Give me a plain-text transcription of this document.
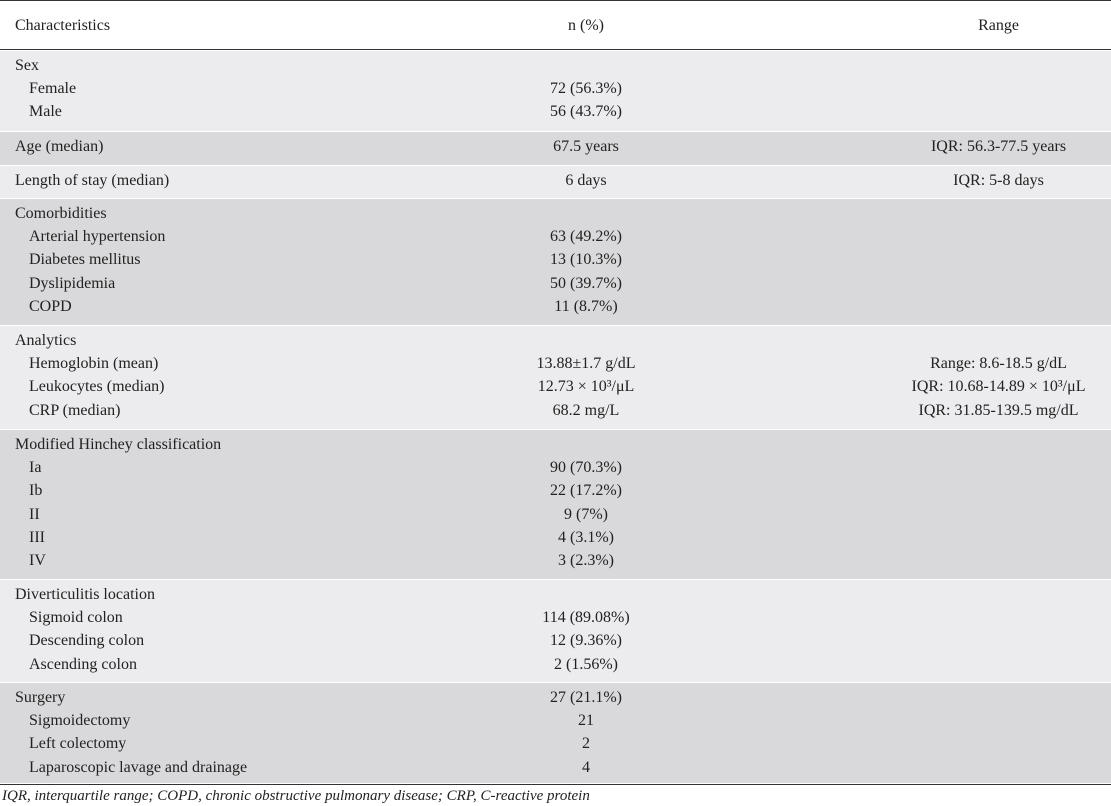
Characteristics	n (%)	Range
Sex
Female	72 (56.3%)
Male	56 (43.7%)
Age (median)	67.5 years	IQR: 56.3-77.5 years
Length of stay (median)	6 days	IQR: 5-8 days
Comorbidities
Arterial hypertension	63 (49.2%)
Diabetes mellitus	13 (10.3%)
Dyslipidemia	50 (39.7%)
COPD	11 (8.7%)
Analytics
Hemoglobin (mean)	13.88±1.7 g/dL	Range: 8.6-18.5 g/dL
Leukocytes (median)	12.73 × 10³/μL	IQR: 10.68-14.89 × 10³/μL
CRP (median)	68.2 mg/L	IQR: 31.85-139.5 mg/dL
Modified Hinchey classification
Ia	90 (70.3%)
Ib	22 (17.2%)
II	9 (7%)
III	4 (3.1%)
IV	3 (2.3%)
Diverticulitis location
Sigmoid colon	114 (89.08%)
Descending colon	12 (9.36%)
Ascending colon	2 (1.56%)
Surgery	27 (21.1%)
Sigmoidectomy	21
Left colectomy	2
Laparoscopic lavage and drainage	4
IQR, interquartile range; COPD, chronic obstructive pulmonary disease; CRP, C-reactive protein
